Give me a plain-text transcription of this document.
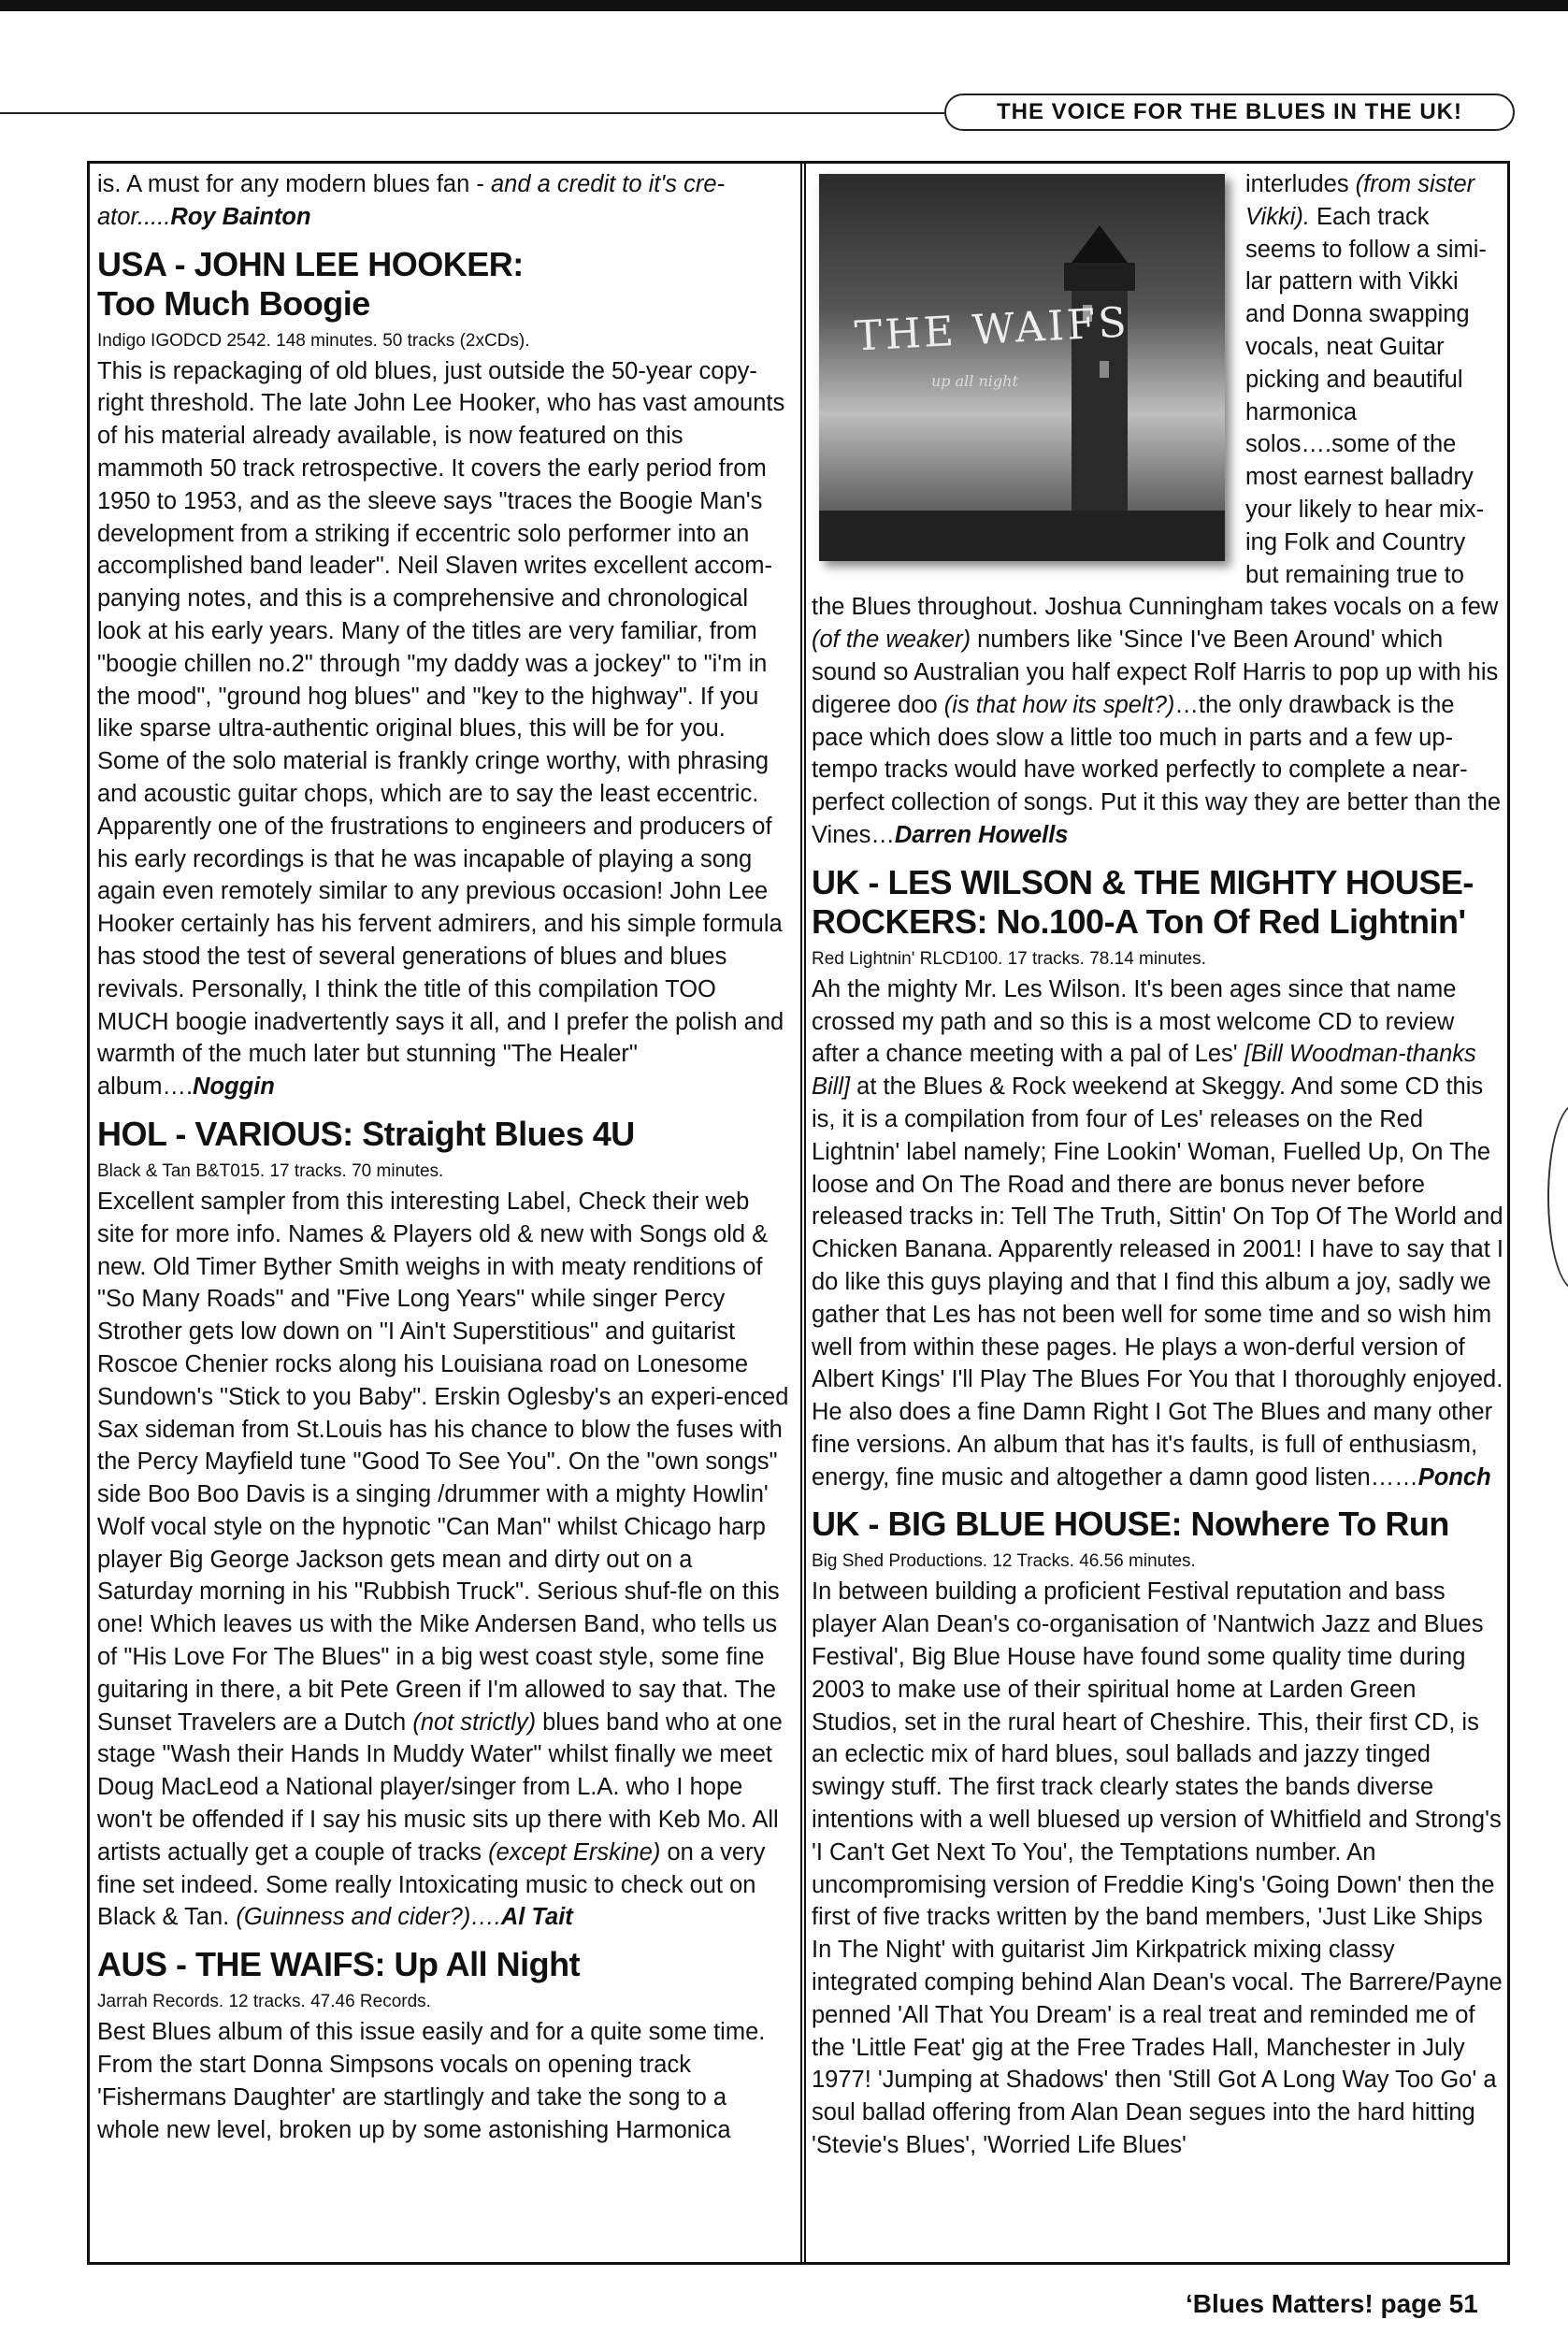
THE VOICE FOR THE BLUES IN THE UK!

is. A must for any modern blues fan - and a credit to it's cre-ator.....Roy Bainton

USA - JOHN LEE HOOKER:
Too Much Boogie

Indigo IGODCD 2542. 148 minutes. 50 tracks (2xCDs).

This is repackaging of old blues, just outside the 50-year copy-right threshold. The late John Lee Hooker, who has vast amounts of his material already available, is now featured on this mammoth 50 track retrospective. It covers the early period from 1950 to 1953, and as the sleeve says "traces the Boogie Man's development from a striking if eccentric solo performer into an accomplished band leader". Neil Slaven writes excellent accom-panying notes, and this is a comprehensive and chronological look at his early years. Many of the titles are very familiar, from "boogie chillen no.2" through "my daddy was a jockey" to "i'm in the mood", "ground hog blues" and "key to the highway". If you like sparse ultra-authentic original blues, this will be for you. Some of the solo material is frankly cringe worthy, with phrasing and acoustic guitar chops, which are to say the least eccentric. Apparently one of the frustrations to engineers and producers of his early recordings is that he was incapable of playing a song again even remotely similar to any previous occasion! John Lee Hooker certainly has his fervent admirers, and his simple formula has stood the test of several generations of blues and blues revivals. Personally, I think the title of this compilation TOO MUCH boogie inadvertently says it all, and I prefer the polish and warmth of the much later but stunning "The Healer" album….Noggin

HOL - VARIOUS: Straight Blues 4U

Black & Tan B&T015. 17 tracks. 70 minutes.

Excellent sampler from this interesting Label, Check their web site for more info. Names & Players old & new with Songs old & new. Old Timer Byther Smith weighs in with meaty renditions of "So Many Roads" and "Five Long Years" while singer Percy Strother gets low down on "I Ain't Superstitious" and guitarist Roscoe Chenier rocks along his Louisiana road on Lonesome Sundown's "Stick to you Baby". Erskin Oglesby's an experi-enced Sax sideman from St.Louis has his chance to blow the fuses with the Percy Mayfield tune "Good To See You". On the "own songs" side Boo Boo Davis is a singing /drummer with a mighty Howlin' Wolf vocal style on the hypnotic "Can Man" whilst Chicago harp player Big George Jackson gets mean and dirty out on a Saturday morning in his "Rubbish Truck". Serious shuf-fle on this one! Which leaves us with the Mike Andersen Band, who tells us of "His Love For The Blues" in a big west coast style, some fine guitaring in there, a bit Pete Green if I'm allowed to say that. The Sunset Travelers are a Dutch (not strictly) blues band who at one stage "Wash their Hands In Muddy Water" whilst finally we meet Doug MacLeod a National player/singer from L.A. who I hope won't be offended if I say his music sits up there with Keb Mo. All artists actually get a couple of tracks (except Erskine) on a very fine set indeed. Some really Intoxicating music to check out on Black & Tan. (Guinness and cider?)….Al Tait

AUS - THE WAIFS: Up All Night

Jarrah Records. 12 tracks. 47.46 Records.

Best Blues album of this issue easily and for a quite some time. From the start Donna Simpsons vocals on opening track 'Fishermans Daughter' are startlingly and take the song to a whole new level, broken up by some astonishing Harmonica

THE WAIFS
up all night

interludes (from sister Vikki). Each track seems to follow a simi-lar pattern with Vikki and Donna swapping vocals, neat Guitar picking and beautiful harmonica solos….some of the most earnest balladry your likely to hear mix-ing Folk and Country but remaining true to the Blues throughout. Joshua Cunningham takes vocals on a few (of the weaker) numbers like 'Since I've Been Around' which sound so Australian you half expect Rolf Harris to pop up with his digeree doo (is that how its spelt?)…the only drawback is the pace which does slow a little too much in parts and a few up-tempo tracks would have worked perfectly to complete a near-perfect collection of songs. Put it this way they are better than the Vines…Darren Howells

UK - LES WILSON & THE MIGHTY HOUSE-
ROCKERS: No.100-A Ton Of Red Lightnin'

Red Lightnin' RLCD100. 17 tracks. 78.14 minutes.

Ah the mighty Mr. Les Wilson. It's been ages since that name crossed my path and so this is a most welcome CD to review after a chance meeting with a pal of Les' [Bill Woodman-thanks Bill] at the Blues & Rock weekend at Skeggy. And some CD this is, it is a compilation from four of Les' releases on the Red Lightnin' label namely; Fine Lookin' Woman, Fuelled Up, On The loose and On The Road and there are bonus never before released tracks in: Tell The Truth, Sittin' On Top Of The World and Chicken Banana. Apparently released in 2001! I have to say that I do like this guys playing and that I find this album a joy, sadly we gather that Les has not been well for some time and so wish him well from within these pages. He plays a won-derful version of Albert Kings' I'll Play The Blues For You that I thoroughly enjoyed. He also does a fine Damn Right I Got The Blues and many other fine versions. An album that has it's faults, is full of enthusiasm, energy, fine music and altogether a damn good listen……Ponch

UK - BIG BLUE HOUSE: Nowhere To Run

Big Shed Productions. 12 Tracks. 46.56 minutes.

In between building a proficient Festival reputation and bass player Alan Dean's co-organisation of 'Nantwich Jazz and Blues Festival', Big Blue House have found some quality time during 2003 to make use of their spiritual home at Larden Green Studios, set in the rural heart of Cheshire. This, their first CD, is an eclectic mix of hard blues, soul ballads and jazzy tinged swingy stuff. The first track clearly states the bands diverse intentions with a well bluesed up version of Whitfield and Strong's 'I Can't Get Next To You', the Temptations number. An uncompromising version of Freddie King's 'Going Down' then the first of five tracks written by the band members, 'Just Like Ships In The Night' with guitarist Jim Kirkpatrick mixing classy integrated comping behind Alan Dean's vocal. The Barrere/Payne penned 'All That You Dream' is a real treat and reminded me of the 'Little Feat' gig at the Free Trades Hall, Manchester in July 1977! 'Jumping at Shadows' then 'Still Got A Long Way Too Go' a soul ballad offering from Alan Dean segues into the hard hitting 'Stevie's Blues', 'Worried Life Blues'

‘Blues Matters! page 51
